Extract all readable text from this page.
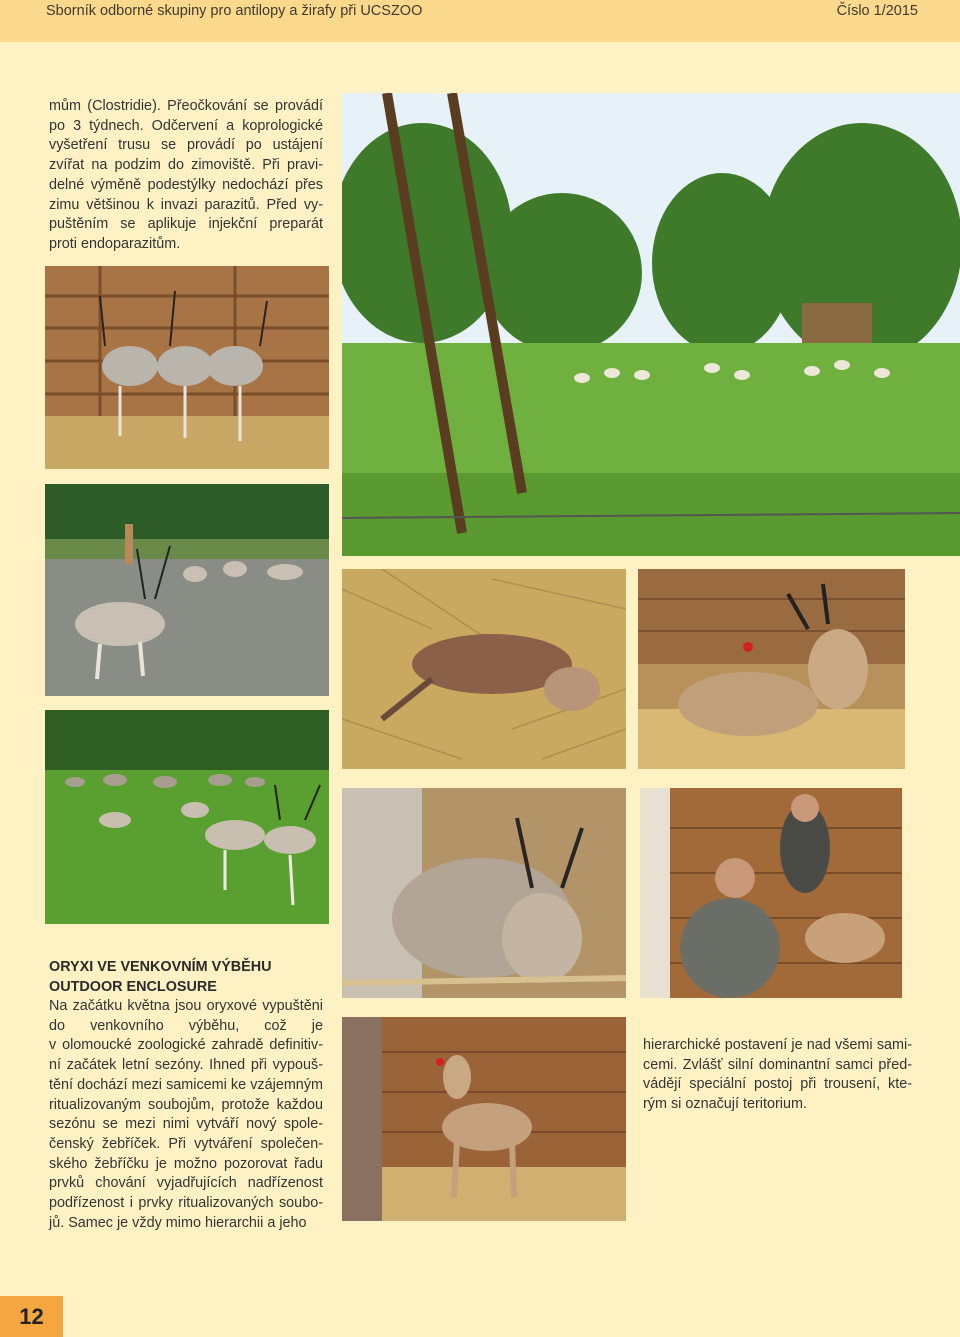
Sborník odborné skupiny pro antilopy a žirafy při UCSZOO	Číslo 1/2015
mům (Clostridie). Přeočkování se provádí
po 3 týdnech. Odčervení a koprologické
vyšetření trusu se provádí po ustájení
zvířat na podzim do zimoviště. Při pravi-
delné výměně podestýlky nedochází přes
zimu většinou k invazi parazitů. Před vy-
puštěním se aplikuje injekční preparát
proti endoparazitům.
ORYXI VE VENKOVNÍM VÝBĚHU
OUTDOOR ENCLOSURE
Na začátku května jsou oryxové vypuštěni
do venkovního výběhu, což je
v olomoucké zoologické zahradě definitiv-
ní začátek letní sezóny. Ihned při vypouš-
tění dochází mezi samicemi ke vzájemným
ritualizovaným soubojům, protože každou
sezónu se mezi nimi vytváří nový spole-
čenský žebříček. Při vytváření společen-
ského žebříčku je možno pozorovat řadu
prvků chování vyjadřujících nadřízenost
podřízenost i prvky ritualizovaných soubo-
jů. Samec je vždy mimo hierarchii a jeho
hierarchické postavení je nad všemi sami-
cemi. Zvlášť silní dominantní samci před-
vádějí speciální postoj při trousení, kte-
rým si označují teritorium.
12
